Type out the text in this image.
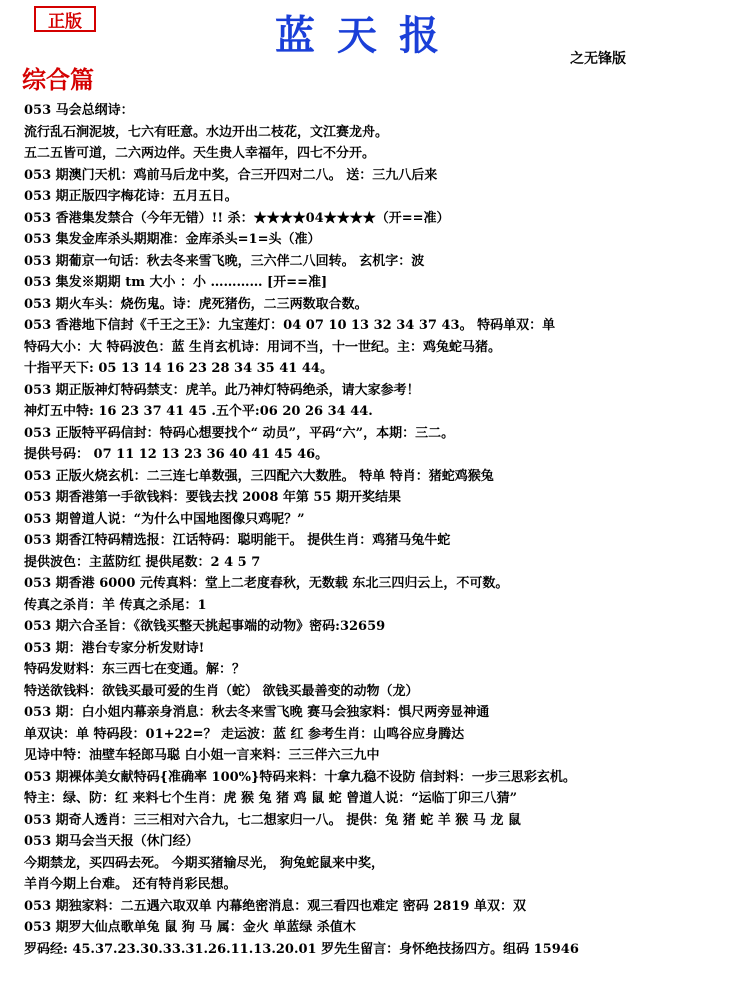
正版	蓝天报	之无锋版
综合篇
053 马会总纲诗：
流行乱石涧泥坡，七六有旺意。水边开出二枝花，文江赛龙舟。
五二五皆可道，二六两边伴。天生贵人幸福年，四七不分开。
053 期澳门天机：鸡前马后龙中奖，合三开四对二八。 送：三九八后来
053 期正版四字梅花诗：五月五日。
053 香港集发禁合（今年无错）!! 杀：★★★★04★★★★（开==准）
053 集发金库杀头期期准：金库杀头=1=头（准）
053 期葡京一句话：秋去冬来雪飞晚，三六伴二八回转。 玄机字：波
053 集发※期期 tm 大小 ：小 ………… [开==准]
053 期火车头：烧伤鬼。诗：虎死猪伤，二三两数取合数。
053 香港地下信封《千王之王》：九宝莲灯：04 07 10 13 32 34 37 43。 特码单双：单
特码大小：大 特码波色：蓝 生肖玄机诗：用词不当，十一世纪。主：鸡兔蛇马猪。
十指平天下: 05 13 14 16 23 28 34 35 41 44。
053 期正版神灯特码禁支：虎羊。此乃神灯特码绝杀，请大家参考！
神灯五中特: 16 23 37 41 45 .五个平:06 20 26 34 44.
053 正版特平码信封：特码心想要找个“ 动员”，平码“六”，本期：三二。
提供号码： 07 11 12 13 23 36 40 41 45 46。
053 正版火烧玄机：二三连七单数强，三四配六大数胜。 特单 特肖：猪蛇鸡猴兔
053 期香港第一手欲钱料：要钱去找 2008 年第 55 期开奖结果
053 期曾道人说：“为什么中国地图像只鸡呢？”
053 期香江特码精选报：江话特码：聪明能干。 提供生肖：鸡猪马兔牛蛇
提供波色：主蓝防红 提供尾数：2 4 5 7
053 期香港 6000 元传真料：堂上二老度春秋，无数载 东北三四归云上，不可数。
传真之杀肖：羊 传真之杀尾：1
053 期六合圣旨：《欲钱买整天挑起事端的动物》密码:32659
053 期：港台专家分析发财诗!
特码发财料：东三西七在变通。解：？
特送欲钱料：欲钱买最可爱的生肖（蛇） 欲钱买最善变的动物（龙）
053 期：白小姐内幕亲身消息：秋去冬来雪飞晚 赛马会独家料：惧尺两旁显神通
单双诀：单 特码段：01+22=？ 走运波：蓝 红 参考生肖：山鸣谷应身腾达
见诗中特：油壁车轻郎马聪 白小姐一言来料：三三伴六三九中
053 期裸体美女献特码{准确率 100%}特码来料：十拿九稳不设防 信封料：一步三思彩玄机。
特主：绿、防：红 来料七个生肖：虎 猴 兔 猪 鸡 鼠 蛇 曾道人说：“运临丁卯三八猜”
053 期奇人透肖：三三相对六合九，七二想家归一八。 提供：兔 猪 蛇 羊 猴 马 龙 鼠
053 期马会当天报（休门经）
今期禁龙，买四码去死。 今期买猪输尽光， 狗兔蛇鼠来中奖，
羊肖今期上台难。 还有特肖彩民想。
053 期独家料：二五遇六取双单 内幕绝密消息：观三看四也难定 密码 2819 单双：双
053 期罗大仙点歌单兔 鼠 狗 马 属：金火 单蓝绿 杀值木
罗码经: 45.37.23.30.33.31.26.11.13.20.01 罗先生留言：身怀绝技扬四方。组码 15946
